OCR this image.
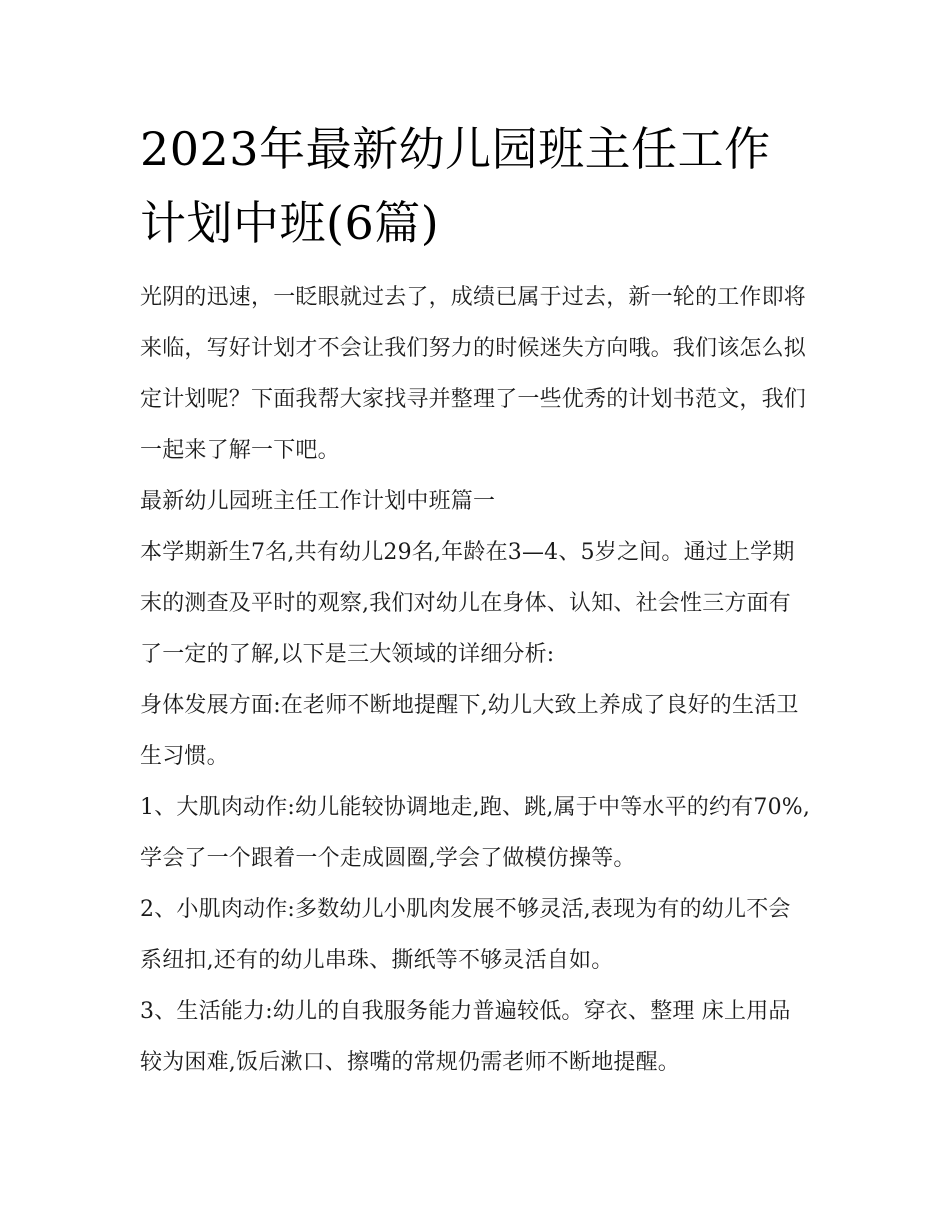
2023年最新幼儿园班主任工作
计划中班(6篇)

光阴的迅速，一眨眼就过去了，成绩已属于过去，新一轮的工作即将来临，写好计划才不会让我们努力的时候迷失方向哦。我们该怎么拟定计划呢？下面我帮大家找寻并整理了一些优秀的计划书范文，我们一起来了解一下吧。

最新幼儿园班主任工作计划中班篇一

本学期新生7名,共有幼儿29名,年龄在3—4、5岁之间。通过上学期末的测查及平时的观察,我们对幼儿在身体、认知、社会性三方面有了一定的了解,以下是三大领域的详细分析:

身体发展方面:在老师不断地提醒下,幼儿大致上养成了良好的生活卫生习惯。

1、大肌肉动作:幼儿能较协调地走,跑、跳,属于中等水平的约有70%,学会了一个跟着一个走成圆圈,学会了做模仿操等。

2、小肌肉动作:多数幼儿小肌肉发展不够灵活,表现为有的幼儿不会系纽扣,还有的幼儿串珠、撕纸等不够灵活自如。

3、生活能力:幼儿的自我服务能力普遍较低。穿衣、整理 床上用品较为困难,饭后漱口、擦嘴的常规仍需老师不断地提醒。
